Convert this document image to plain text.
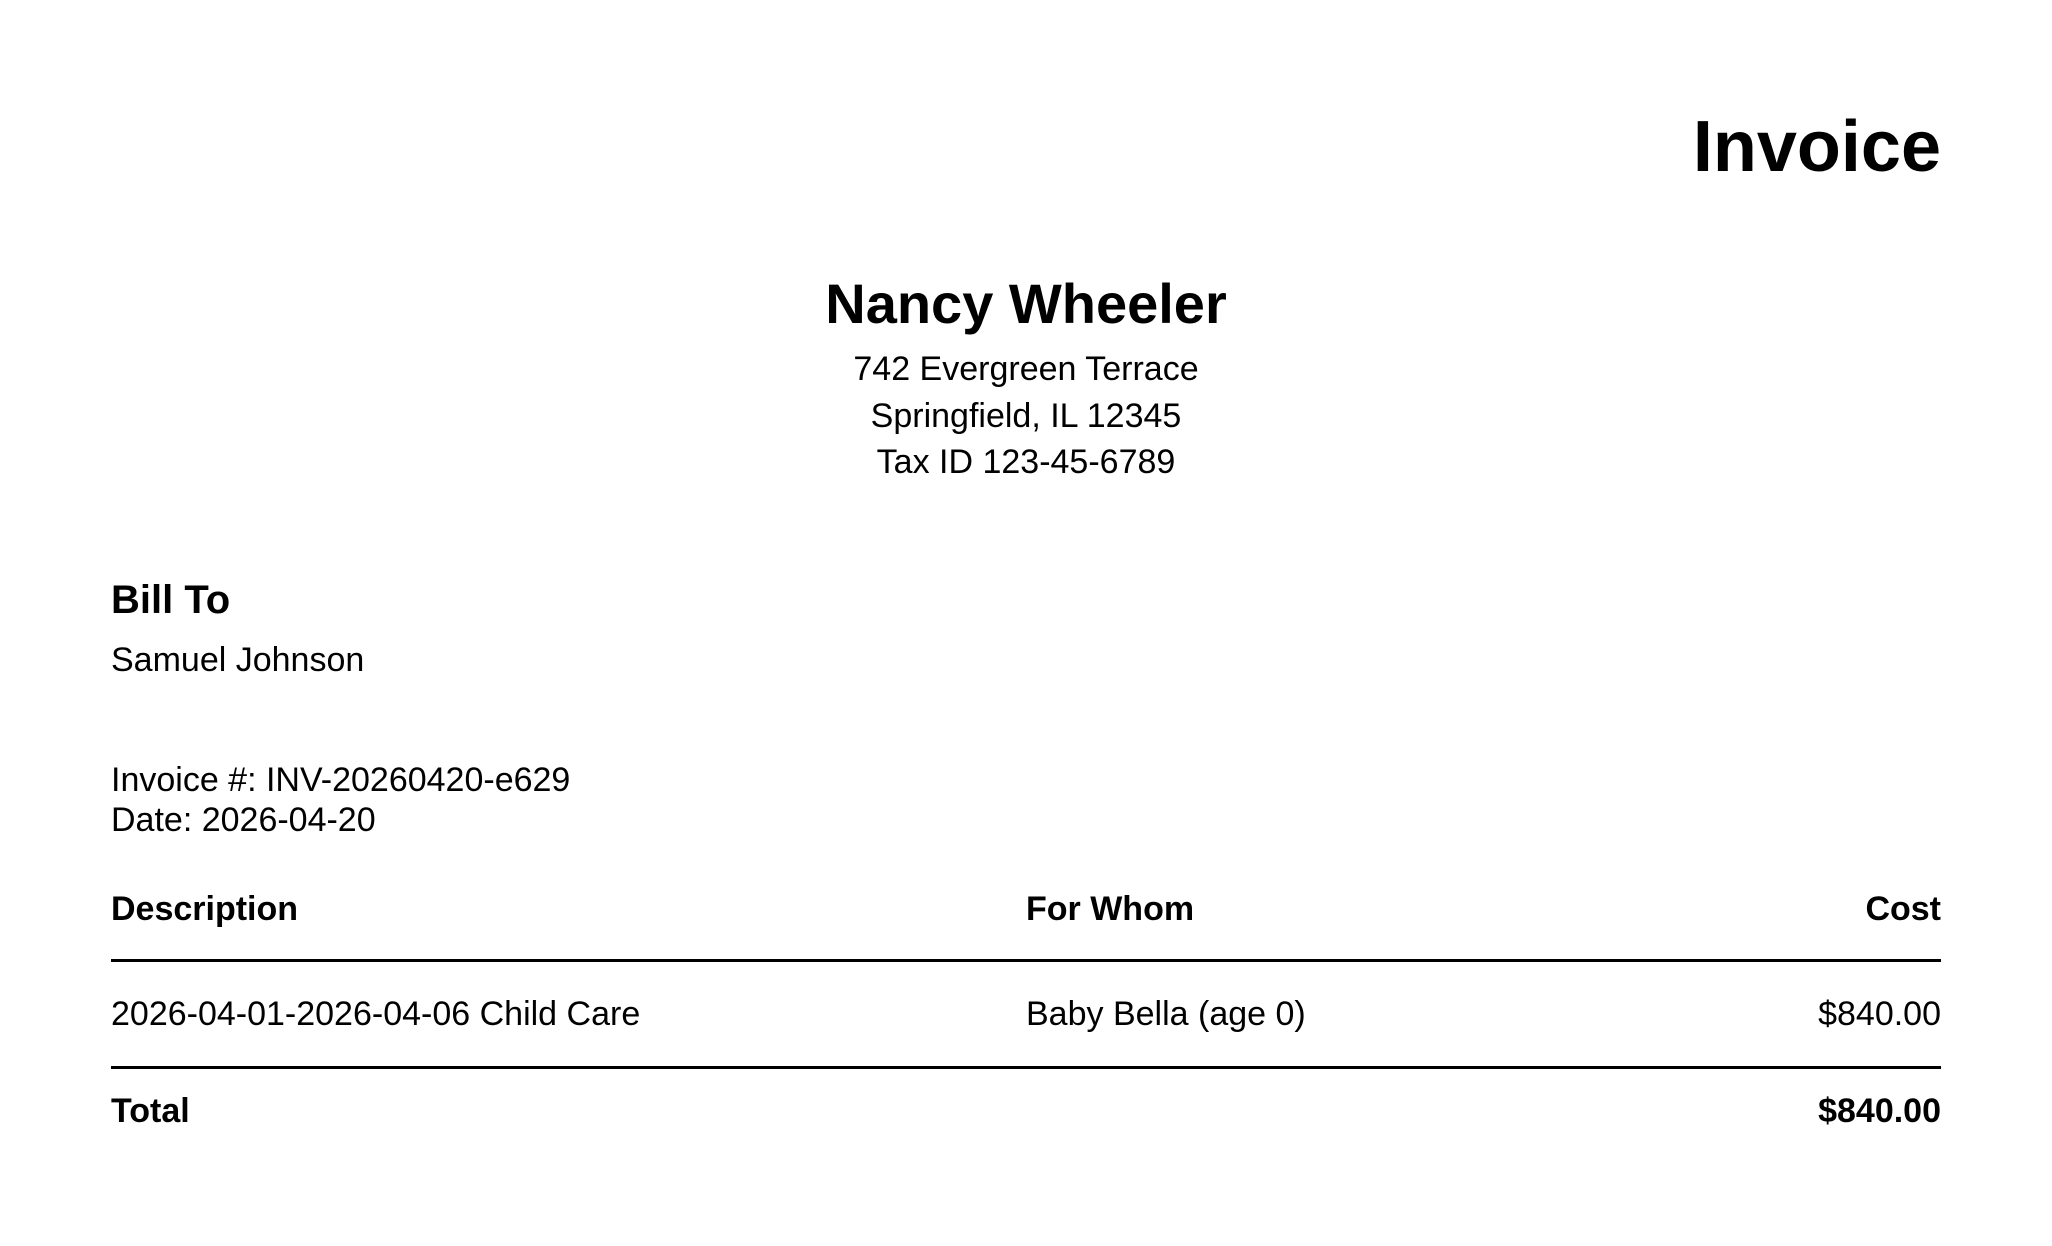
Invoice
Nancy Wheeler
742 Evergreen Terrace
Springfield, IL 12345
Tax ID 123-45-6789
Bill To
Samuel Johnson
Invoice #: INV-20260420-e629
Date: 2026-04-20
Description	For Whom	Cost
2026-04-01-2026-04-06 Child Care	Baby Bella (age 0)	$840.00
Total		$840.00
